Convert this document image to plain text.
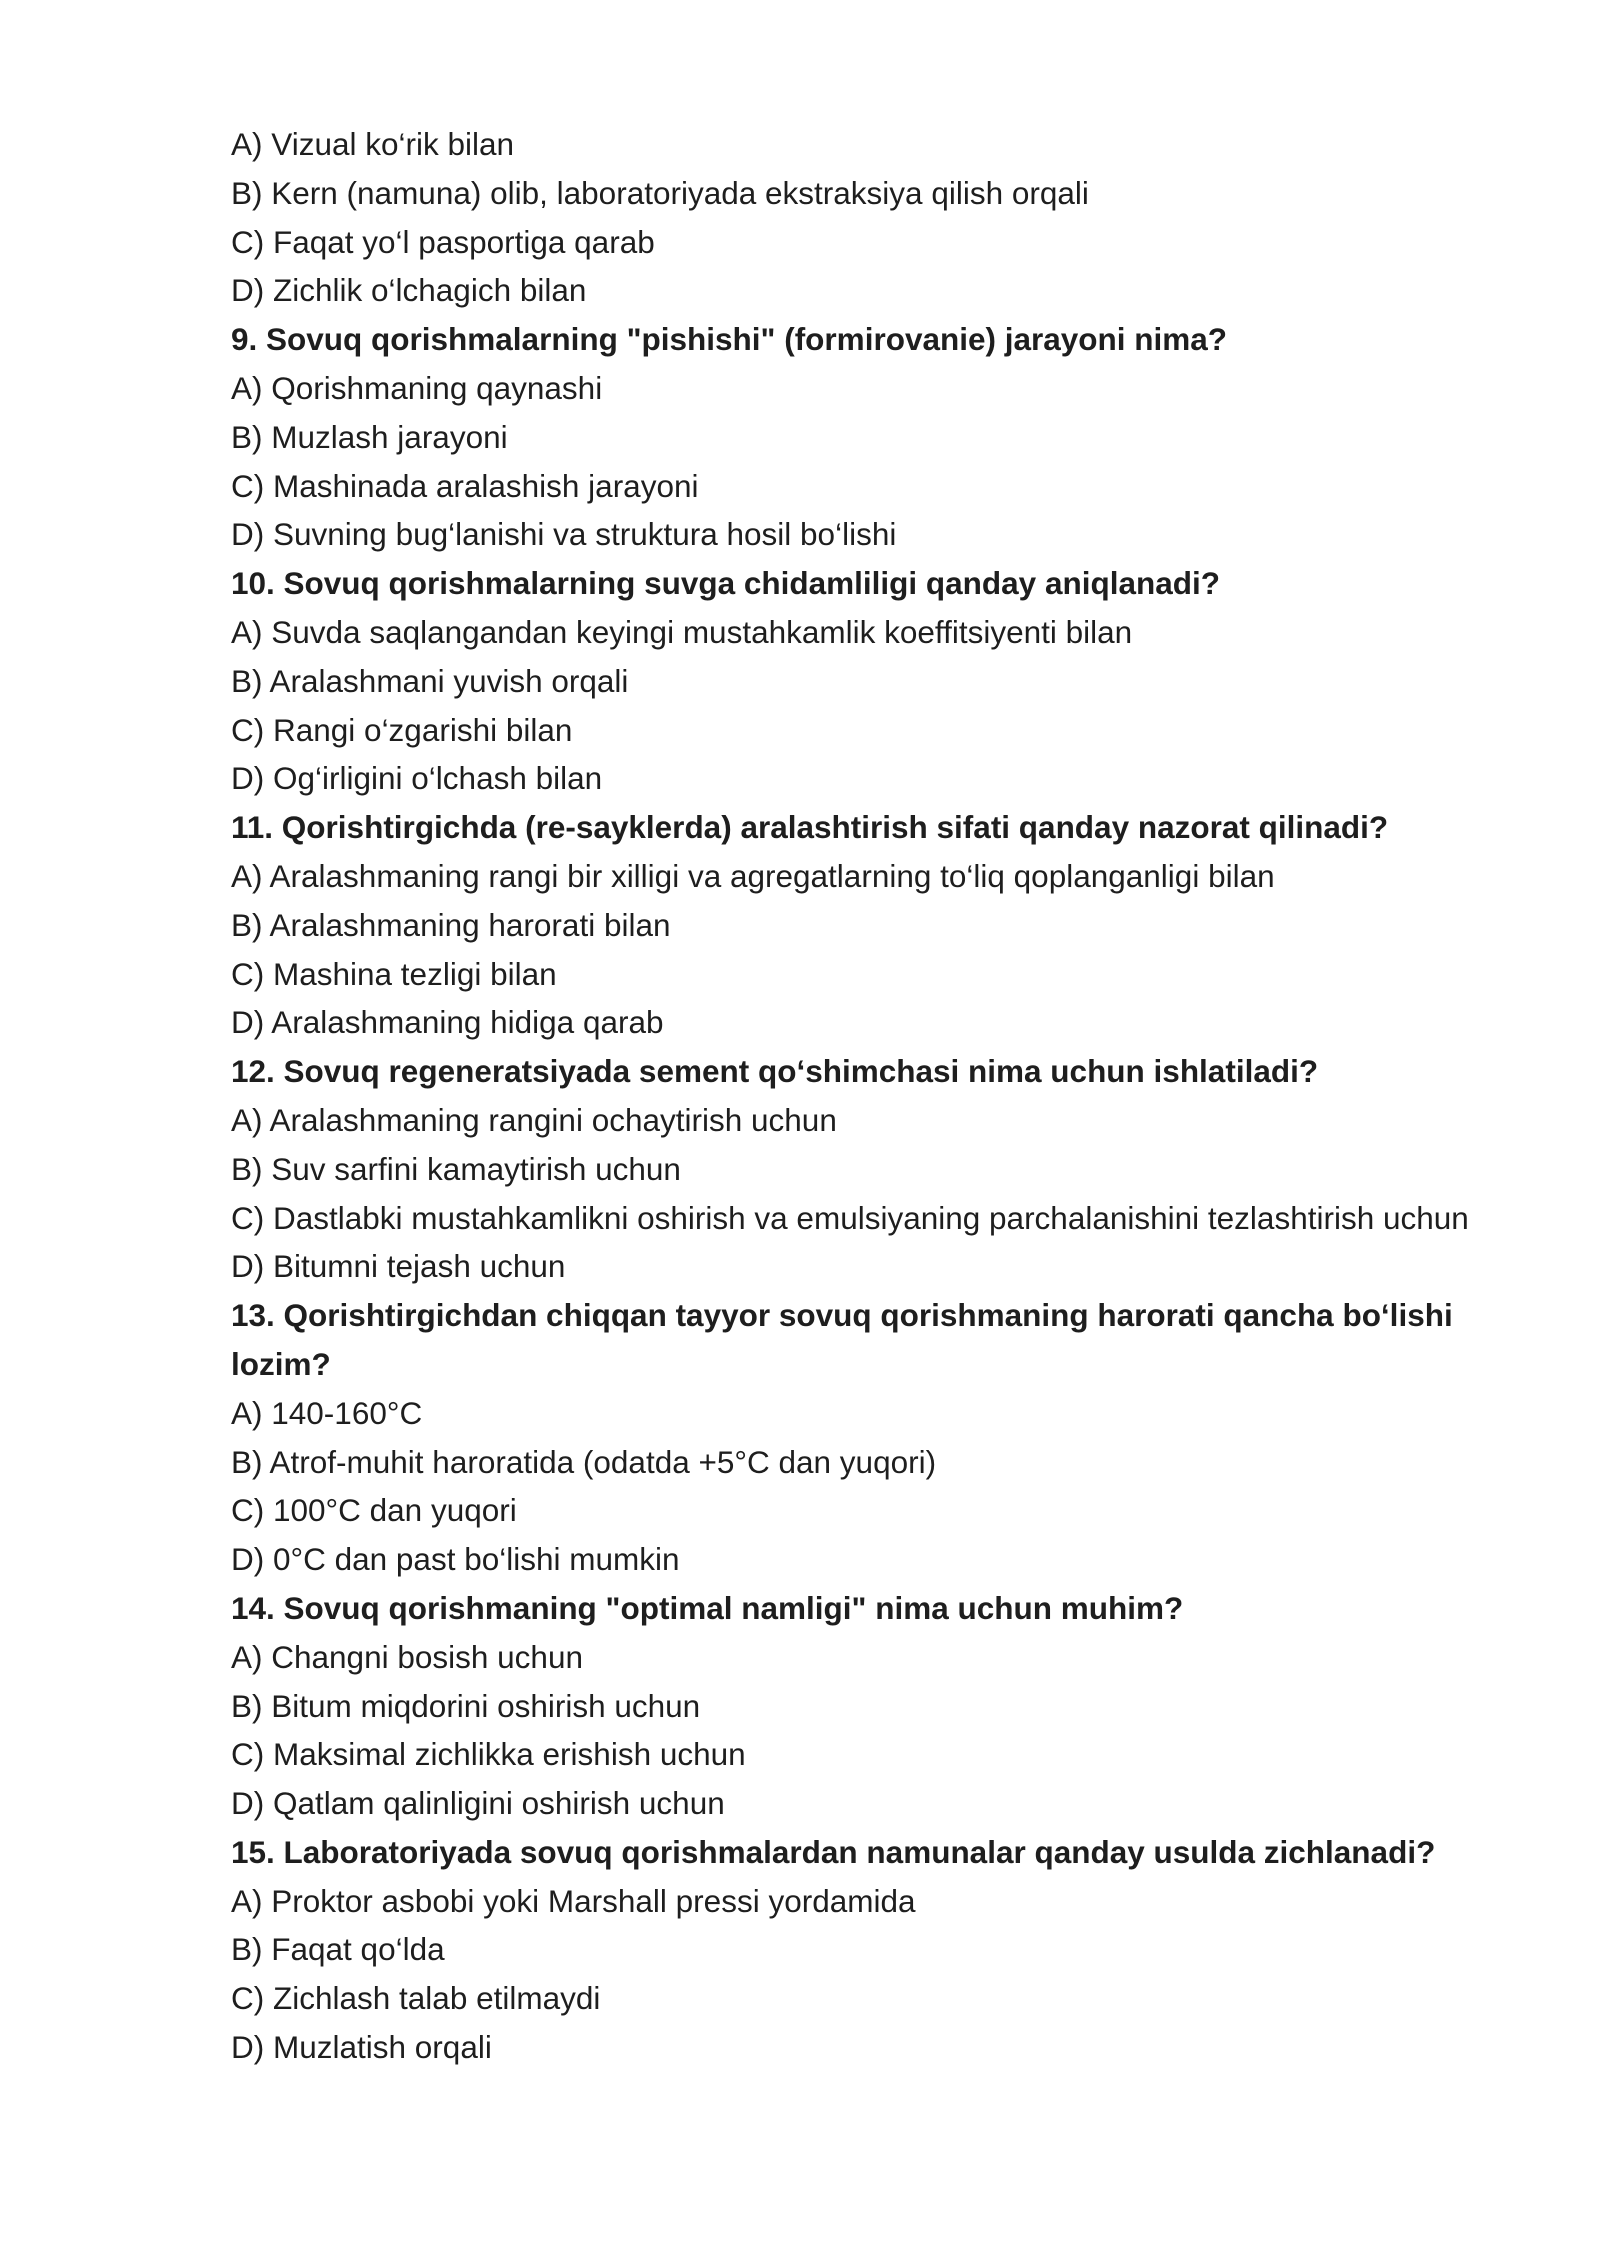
A) Vizual ko‘rik bilan
B) Kern (namuna) olib, laboratoriyada ekstraksiya qilish orqali
C) Faqat yo‘l pasportiga qarab
D) Zichlik o‘lchagich bilan
9. Sovuq qorishmalarning "pishishi" (formirovanie) jarayoni nima?
A) Qorishmaning qaynashi
B) Muzlash jarayoni
C) Mashinada aralashish jarayoni
D) Suvning bug‘lanishi va struktura hosil bo‘lishi
10. Sovuq qorishmalarning suvga chidamliligi qanday aniqlanadi?
A) Suvda saqlangandan keyingi mustahkamlik koeffitsiyenti bilan
B) Aralashmani yuvish orqali
C) Rangi o‘zgarishi bilan
D) Og‘irligini o‘lchash bilan
11. Qorishtirgichda (re-sayklerda) aralashtirish sifati qanday nazorat qilinadi?
A) Aralashmaning rangi bir xilligi va agregatlarning to‘liq qoplanganligi bilan
B) Aralashmaning harorati bilan
C) Mashina tezligi bilan
D) Aralashmaning hidiga qarab
12. Sovuq regeneratsiyada sement qo‘shimchasi nima uchun ishlatiladi?
A) Aralashmaning rangini ochaytirish uchun
B) Suv sarfini kamaytirish uchun
C) Dastlabki mustahkamlikni oshirish va emulsiyaning parchalanishini tezlashtirish uchun
D) Bitumni tejash uchun
13. Qorishtirgichdan chiqqan tayyor sovuq qorishmaning harorati qancha bo‘lishi lozim?
A) 140-160°C
B) Atrof-muhit haroratida (odatda +5°C dan yuqori)
C) 100°C dan yuqori
D) 0°C dan past bo‘lishi mumkin
14. Sovuq qorishmaning "optimal namligi" nima uchun muhim?
A) Changni bosish uchun
B) Bitum miqdorini oshirish uchun
C) Maksimal zichlikka erishish uchun
D) Qatlam qalinligini oshirish uchun
15. Laboratoriyada sovuq qorishmalardan namunalar qanday usulda zichlanadi?
A) Proktor asbobi yoki Marshall pressi yordamida
B) Faqat qo‘lda
C) Zichlash talab etilmaydi
D) Muzlatish orqali
